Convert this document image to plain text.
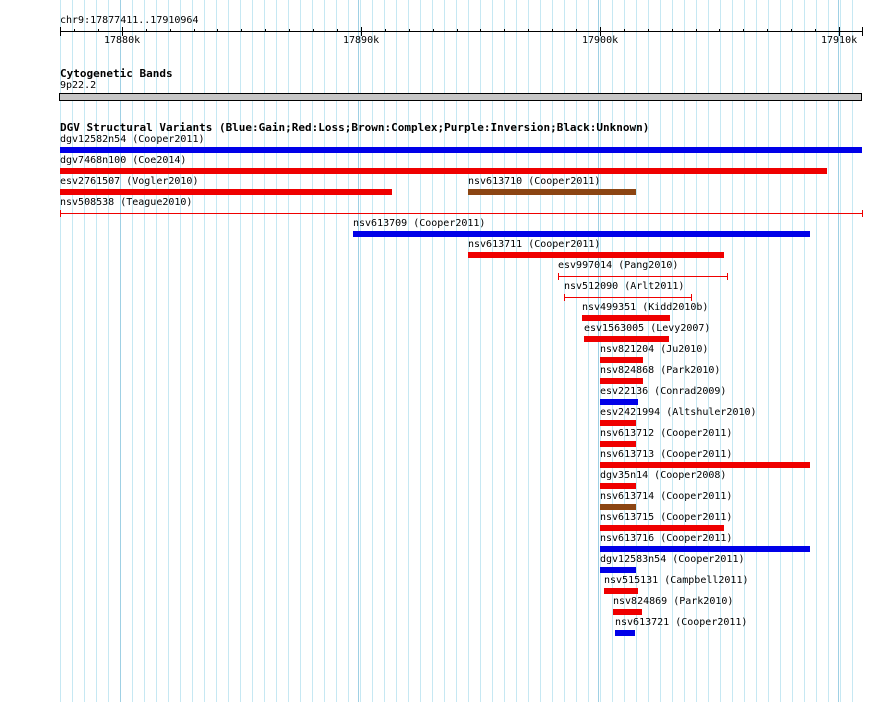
chr9:17877411..17910964
17880k	17890k	17900k	17910k
Cytogenetic Bands
9p22.2
DGV Structural Variants (Blue:Gain;Red:Loss;Brown:Complex;Purple:Inversion;Black:Unknown)
dgv12582n54 (Cooper2011)
dgv7468n100 (Coe2014)
esv2761507 (Vogler2010)	nsv613710 (Cooper2011)
nsv508538 (Teague2010)
nsv613709 (Cooper2011)
nsv613711 (Cooper2011)
esv997014 (Pang2010)
nsv512090 (Arlt2011)
nsv499351 (Kidd2010b)
esv1563005 (Levy2007)
nsv821204 (Ju2010)
nsv824868 (Park2010)
esv22136 (Conrad2009)
esv2421994 (Altshuler2010)
nsv613712 (Cooper2011)
nsv613713 (Cooper2011)
dgv35n14 (Cooper2008)
nsv613714 (Cooper2011)
nsv613715 (Cooper2011)
nsv613716 (Cooper2011)
dgv12583n54 (Cooper2011)
nsv515131 (Campbell2011)
nsv824869 (Park2010)
nsv613721 (Cooper2011)
